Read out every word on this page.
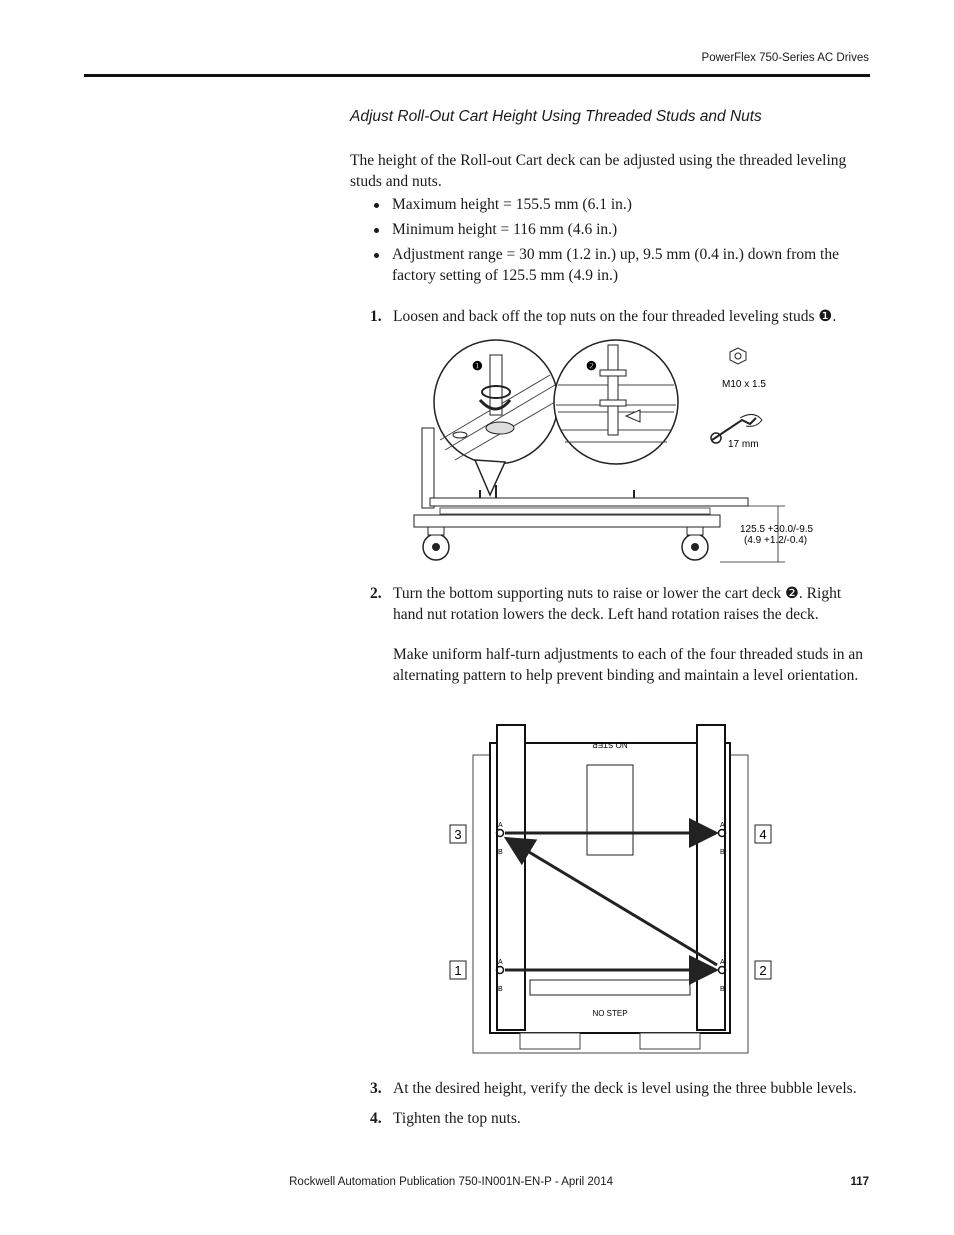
PowerFlex 750-Series AC Drives
Adjust Roll-Out Cart Height Using Threaded Studs and Nuts
The height of the Roll-out Cart deck can be adjusted using the threaded leveling studs and nuts.
Maximum height = 155.5 mm (6.1 in.)
Minimum height = 116 mm (4.6 in.)
Adjustment range = 30 mm (1.2 in.) up, 9.5 mm (0.4 in.) down from the factory setting of 125.5 mm (4.9 in.)
1. Loosen and back off the top nuts on the four threaded leveling studs ❶.
❶	❷
M10 x 1.5
17 mm
125.5 +30.0/-9.5
(4.9 +1.2/-0.4)
2. Turn the bottom supporting nuts to raise or lower the cart deck ❷. Right hand nut rotation lowers the deck. Left hand rotation raises the deck.
Make uniform half-turn adjustments to each of the four threaded studs in an alternating pattern to help prevent binding and maintain a level orientation.
NO STEP
NO STEP
A
B
A
B
A
B
A
B
3	4
1	2
3. At the desired height, verify the deck is level using the three bubble levels.
4. Tighten the top nuts.
Rockwell Automation Publication 750-IN001N-EN-P - April 2014	117
